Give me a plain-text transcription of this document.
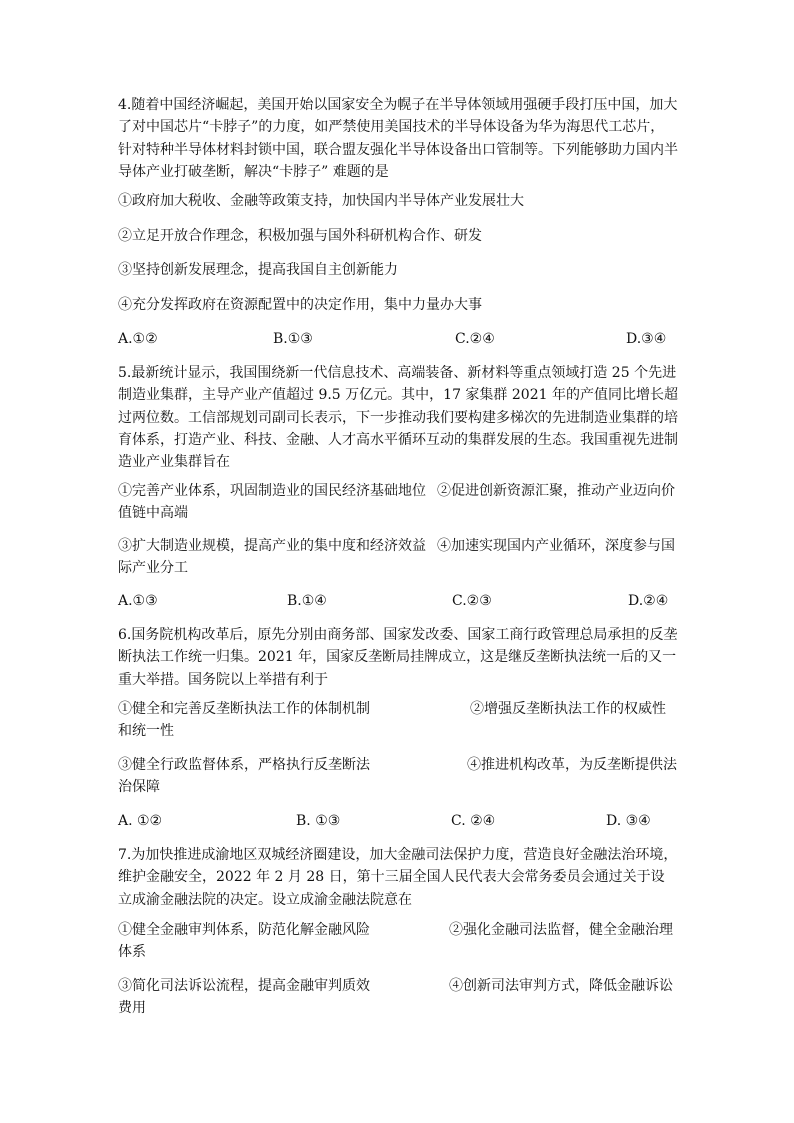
4.随着中国经济崛起，美国开始以国家安全为幌子在半导体领域用强硬手段打压中国，加大了对中国芯片“卡脖子”的力度，如严禁使用美国技术的半导体设备为华为海思代工芯片，针对特种半导体材料封锁中国，联合盟友强化半导体设备出口管制等。下列能够助力国内半导体产业打破垄断，解决“卡脖子” 难题的是

①政府加大税收、金融等政策支持，加快国内半导体产业发展壮大

②立足开放合作理念，积极加强与国外科研机构合作、研发

③坚持创新发展理念，提高我国自主创新能力

④充分发挥政府在资源配置中的决定作用，集中力量办大事

A.①②	B.①③	C.②④	D.③④

5.最新统计显示，我国围绕新一代信息技术、高端装备、新材料等重点领域打造 25 个先进制造业集群，主导产业产值超过 9.5 万亿元。其中，17 家集群 2021 年的产值同比增长超过两位数。工信部规划司副司长表示，下一步推动我们要构建多梯次的先进制造业集群的培育体系，打造产业、科技、金融、人才高水平循环互动的集群发展的生态。我国重视先进制造业产业集群旨在

①完善产业体系，巩固制造业的国民经济基础地位 ②促进创新资源汇聚，推动产业迈向价
值链中高端
③扩大制造业规模，提高产业的集中度和经济效益 ④加速实现国内产业循环，深度参与国
际产业分工
A.①③	B.①④	C.②③	D.②④

6.国务院机构改革后，原先分别由商务部、国家发改委、国家工商行政管理总局承担的反垄断执法工作统一归集。2021 年，国家反垄断局挂牌成立，这是继反垄断执法统一后的又一重大举措。国务院以上举措有利于

①健全和完善反垄断执法工作的体制机制	②增强反垄断执法工作的权威性
和统一性
③健全行政监督体系，严格执行反垄断法	④推进机构改革，为反垄断提供法
治保障
A. ①②	B. ①③	C. ②④	D. ③④

7.为加快推进成渝地区双城经济圈建设，加大金融司法保护力度，营造良好金融法治环境，维护金融安全，2022 年 2 月 28 日，第十三届全国人民代表大会常务委员会通过关于设立成渝金融法院的决定。设立成渝金融法院意在

①健全金融审判体系，防范化解金融风险	②强化金融司法监督，健全金融治理
体系
③简化司法诉讼流程，提高金融审判质效	④创新司法审判方式，降低金融诉讼
费用
